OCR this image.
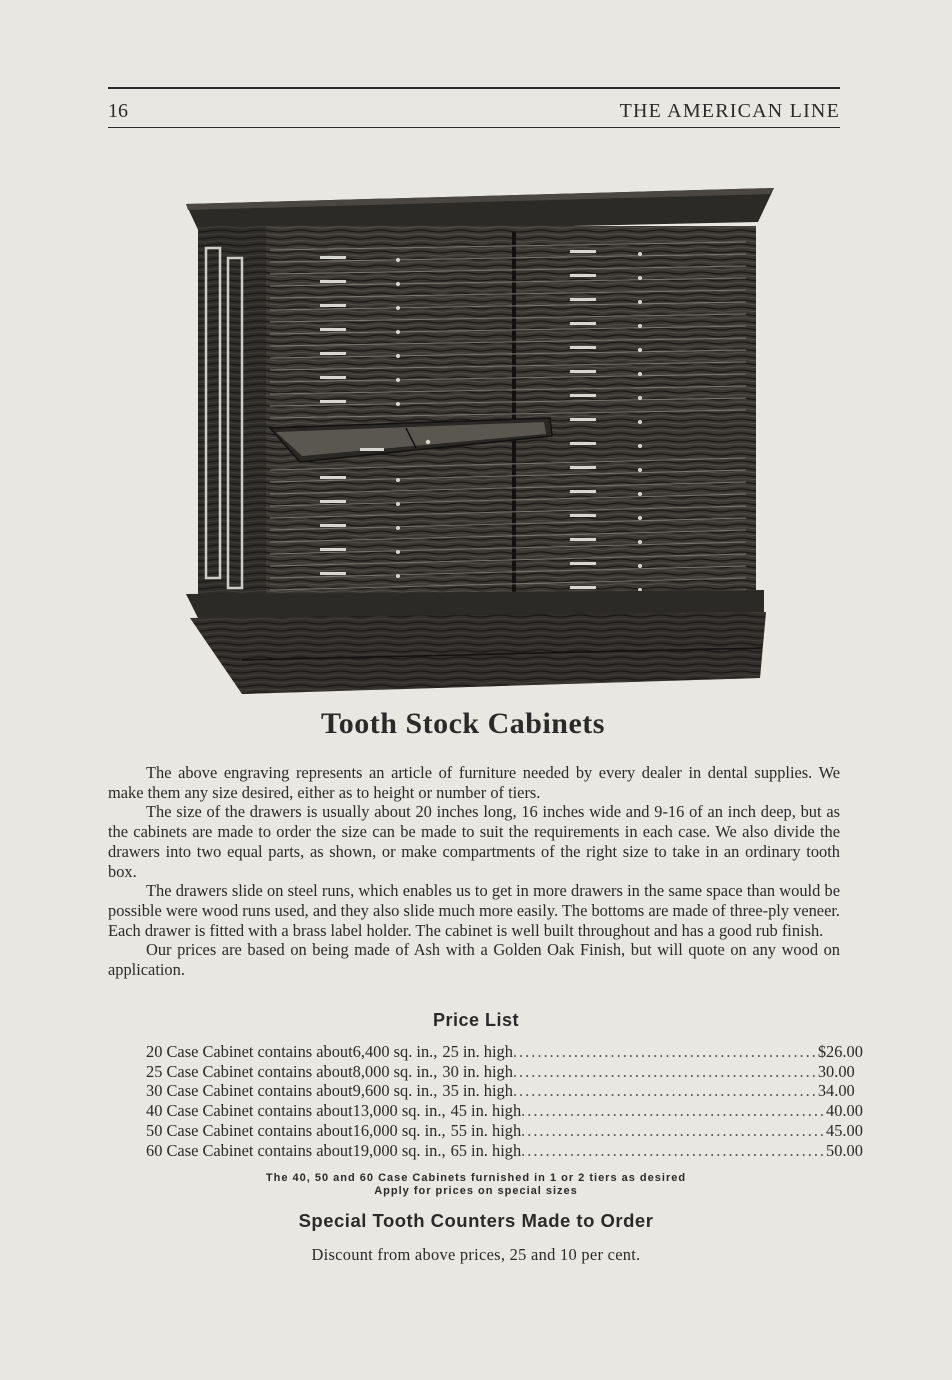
16	THE AMERICAN LINE
Tooth Stock Cabinets

The above engraving represents an article of furniture needed by every dealer in dental supplies. We make them any size desired, either as to height or number of tiers.

The size of the drawers is usually about 20 inches long, 16 inches wide and 9-16 of an inch deep, but as the cabinets are made to order the size can be made to suit the requirements in each case. We also divide the drawers into two equal parts, as shown, or make compartments of the right size to take in an ordinary tooth box.

The drawers slide on steel runs, which enables us to get in more drawers in the same space than would be possible were wood runs used, and they also slide much more easily. The bottoms are made of three-ply veneer. Each drawer is fitted with a brass label holder. The cabinet is well built throughout and has a good rub finish.

Our prices are based on being made of Ash with a Golden Oak Finish, but will quote on any wood on application.

Price List
20 Case Cabinet contains about 6,400 sq. in., 25 in. high .................................................. $26.00
25 Case Cabinet contains about 8,000 sq. in., 30 in. high .................................................. 30.00
30 Case Cabinet contains about 9,600 sq. in., 35 in. high .................................................. 34.00
40 Case Cabinet contains about 13,000 sq. in., 45 in. high .................................................. 40.00
50 Case Cabinet contains about 16,000 sq. in., 55 in. high .................................................. 45.00
60 Case Cabinet contains about 19,000 sq. in., 65 in. high .................................................. 50.00
The 40, 50 and 60 Case Cabinets furnished in 1 or 2 tiers as desired
Apply for prices on special sizes
Special Tooth Counters Made to Order
Discount from above prices, 25 and 10 per cent.
